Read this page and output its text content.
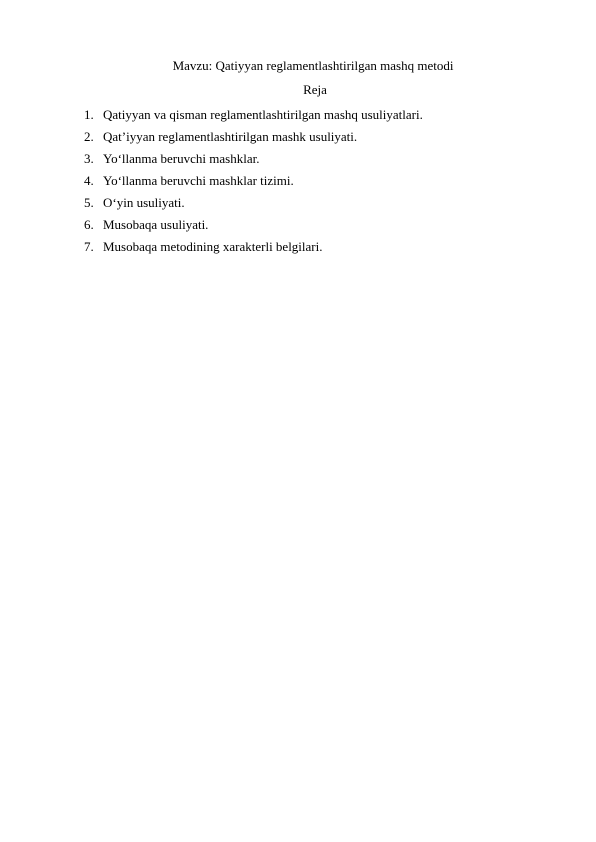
Mavzu: Qatiyyan reglamentlashtirilgan mashq metodi
Reja
1. Qatiyyan va qisman reglamentlashtirilgan mashq usuliyatlari.
2. Qat’iyyan reglamentlashtirilgan mashk usuliyati.
3. Yo‘llanma beruvchi mashklar.
4. Yo‘llanma beruvchi mashklar tizimi.
5. O‘yin usuliyati.
6. Musobaqa usuliyati.
7. Musobaqa metodining xarakterli belgilari.
